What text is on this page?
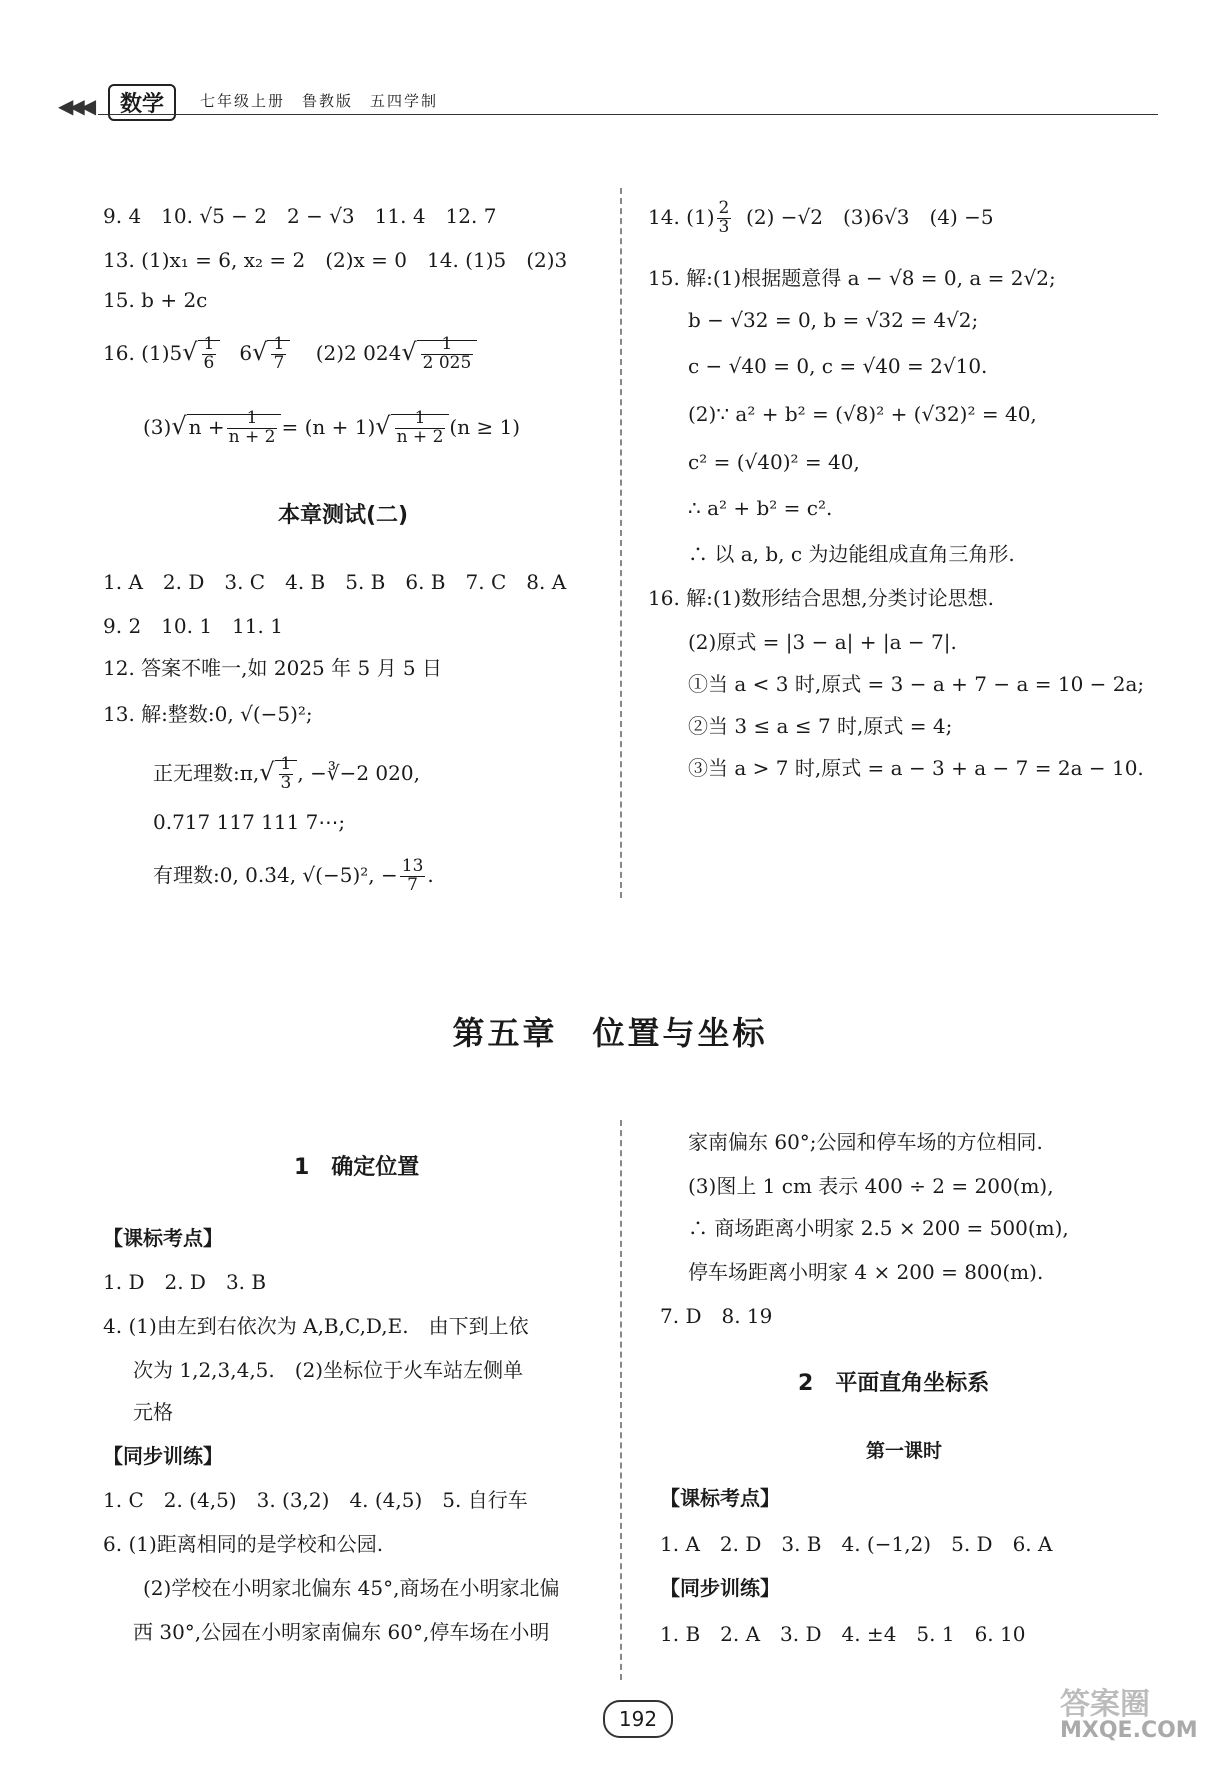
◀◀◀	数学	七年级上册　鲁教版　五四学制
9. 4　10. √5 − 2　2 − √3　11. 4　12. 7
13. (1)x₁ = 6, x₂ = 2　(2)x = 0　14. (1)5　(2)3
15. b + 2c
16. $(1)5√ \frac{1}{6} 6√ \frac{1}{7} (2)2$ $024√ \frac{1}{2 025}$
(3)√ $n + \frac{1}{n + 2} = (n + 1)√ \frac{1}{n + 2} (n \ge 1)$
本章测试(二)
1. A　2. D　3. C　4. B　5. B　6. B　7. C　8. A
9. 2　10. 1　11. 1
12. 答案不唯一,如 2025 年 5 月 5 日
13. 解:整数:0, √(−5)²;
正无理数:π,√ $\frac{1}{3}$ , −∛−2 020,
0.717 117 111 7⋯;
有理数:0, 0.3̇4̇, √(−5)², − $\frac{13}{7}$ .
14. $(1) \frac{2}{3} (2) -√2$　(3)6√3　(4) −5
15. 解:(1)根据题意得 a − √8 = 0, a = 2√2;
b − √32 = 0, b = √32 = 4√2;
c − √40 = 0, c = √40 = 2√10.
(2)∵ a² + b² = (√8)² + (√32)² = 40,
c² = (√40)² = 40,
∴ a² + b² = c².
∴ 以 a, b, c 为边能组成直角三角形.
16. 解:(1)数形结合思想,分类讨论思想.
(2)原式 = |3 − a| + |a − 7|.
①当 a < 3 时,原式 = 3 − a + 7 − a = 10 − 2a;
②当 3 ≤ a ≤ 7 时,原式 = 4;
③当 a > 7 时,原式 = a − 3 + a − 7 = 2a − 10.
第五章　位置与坐标
1　确定位置
【课标考点】
1. D　2. D　3. B
4. (1)由左到右依次为 A,B,C,D,E.　由下到上依
次为 1,2,3,4,5.　(2)坐标位于火车站左侧单
元格
【同步训练】
1. C　2. (4,5)　3. (3,2)　4. (4,5)　5. 自行车
6. (1)距离相同的是学校和公园.
(2)学校在小明家北偏东 45°,商场在小明家北偏
西 30°,公园在小明家南偏东 60°,停车场在小明
家南偏东 60°;公园和停车场的方位相同.
(3)图上 1 cm 表示 400 ÷ 2 = 200(m),
∴ 商场距离小明家 2.5 × 200 = 500(m),
停车场距离小明家 4 × 200 = 800(m).
7. D　8. 19
2　平面直角坐标系
第一课时
【课标考点】
1. A　2. D　3. B　4. (−1,2)　5. D　6. A
【同步训练】
1. B　2. A　3. D　4. ±4　5. 1　6. 10
192	答案圈
MXQE.COM
